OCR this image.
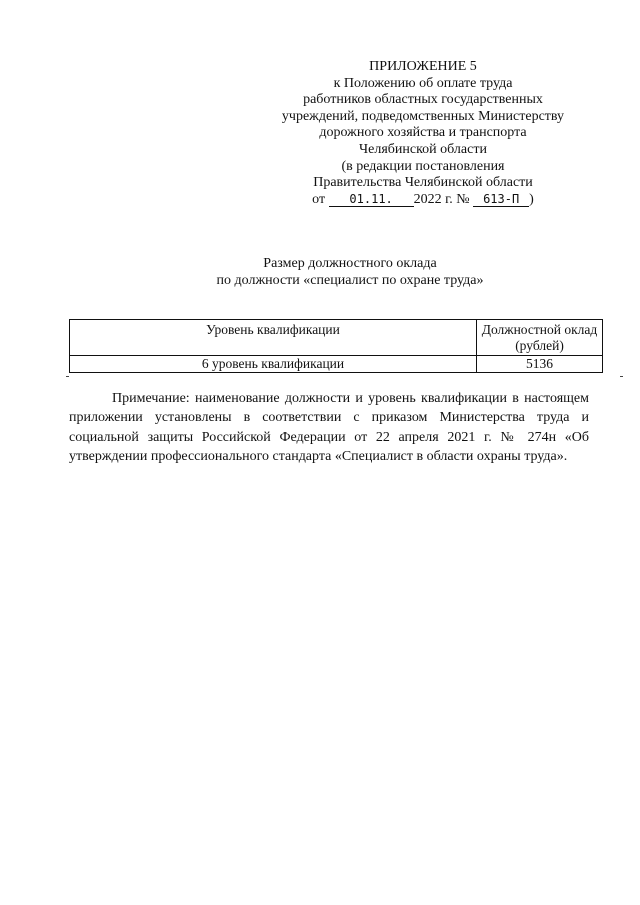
ПРИЛОЖЕНИЕ 5
к Положению об оплате труда
работников областных государственных
учреждений, подведомственных Министерству
дорожного хозяйства и транспорта
Челябинской области
(в редакции постановления
Правительства Челябинской области
от 01.11. 2022 г. № 613-П )
Размер должностного оклада
по должности «специалист по охране труда»
Уровень квалификации	Должностной оклад (рублей)
6 уровень квалификации	5136

Примечание: наименование должности и уровень квалификации в настоящем приложении установлены в соответствии с приказом Министерства труда и социальной защиты Российской Федерации от 22 апреля 2021 г. № 274н «Об утверждении профессионального стандарта «Специалист в области охраны труда».
